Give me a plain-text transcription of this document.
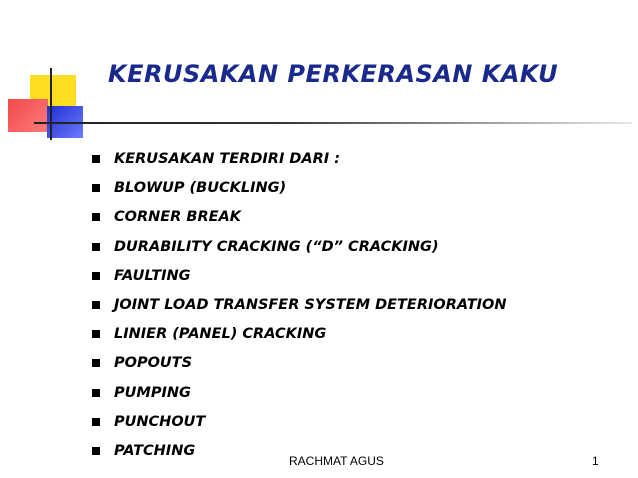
KERUSAKAN PERKERASAN KAKU
KERUSAKAN TERDIRI DARI :
BLOWUP (BUCKLING)
CORNER BREAK
DURABILITY CRACKING (“D” CRACKING)
FAULTING
JOINT LOAD TRANSFER SYSTEM DETERIORATION
LINIER (PANEL) CRACKING
POPOUTS
PUMPING
PUNCHOUT
PATCHING
RACHMAT AGUS	1
